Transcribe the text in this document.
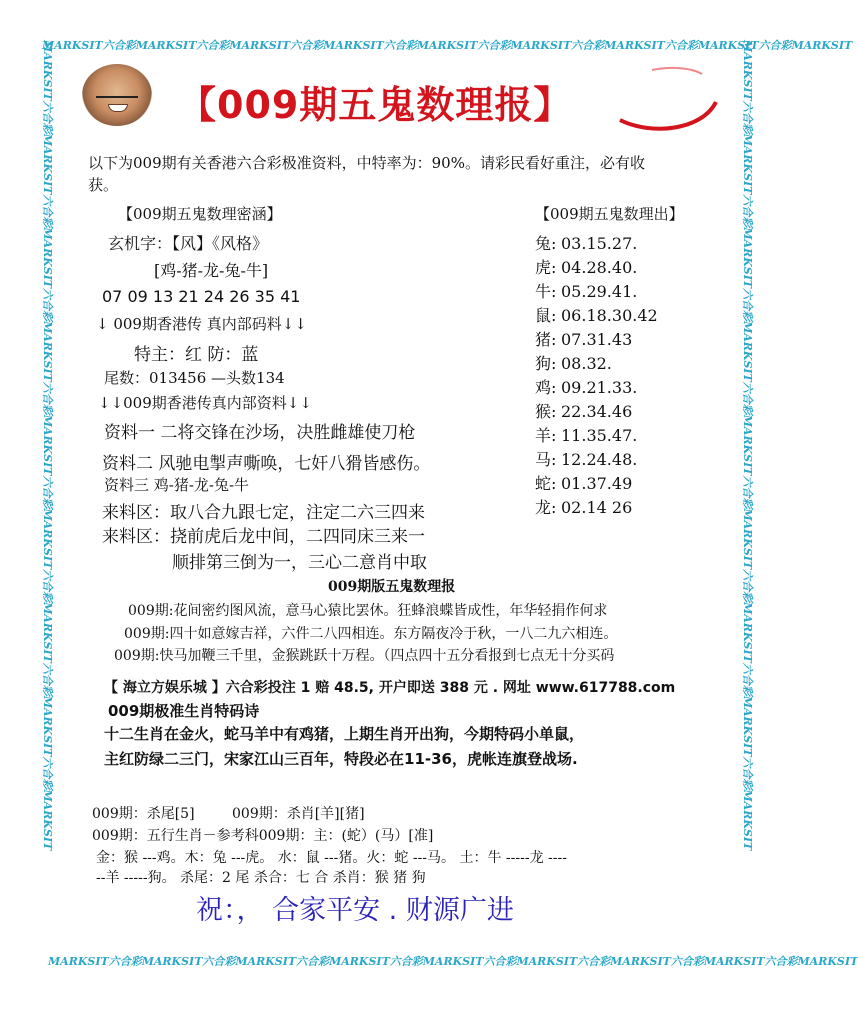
MARKSIT六合彩MARKSIT六合彩MARKSIT六合彩MARKSIT六合彩MARKSIT六合彩MARKSIT六合彩MARKSIT六合彩MARKSIT六合彩MARKSIT
MARKSIT六合彩MARKSIT六合彩MARKSIT六合彩MARKSIT六合彩MARKSIT六合彩MARKSIT六合彩MARKSIT六合彩MARKSIT六合彩MARKSIT
MARKSIT六合彩MARKSIT六合彩MARKSIT六合彩MARKSIT六合彩MARKSIT六合彩MARKSIT六合彩MARKSIT六合彩MARKSIT六合彩MARKSIT	MARKSIT六合彩MARKSIT六合彩MARKSIT六合彩MARKSIT六合彩MARKSIT六合彩MARKSIT六合彩MARKSIT六合彩MARKSIT六合彩MARKSIT
【009期五鬼数理报】
以下为009期有关香港六合彩极准资料，中特率为：90%。请彩民看好重注，必有收
获。
【009期五鬼数理密涵】
玄机字：【风】《风格》
[鸡-猪-龙-兔-牛]
07 09 13 21 24 26 35 41
↓ 009期香港传 真内部码料↓↓
特主：红 防：蓝
尾数：013456 —头数134
↓↓009期香港传真内部资料↓↓
资料一 二将交锋在沙场，决胜雌雄使刀枪
资料二 风驰电掣声嘶唤，七奸八猾皆感伤。
资料三 鸡-猪-龙-兔-牛
来料区：取八合九跟七定，注定二六三四来
来料区：挠前虎后龙中间，二四同床三来一
顺排第三倒为一，三心二意肖中取
【009期五鬼数理出】
兔: 03.15.27.
虎: 04.28.40.
牛: 05.29.41.
鼠: 06.18.30.42
猪: 07.31.43
狗: 08.32.
鸡: 09.21.33.
猴: 22.34.46
羊: 11.35.47.
马: 12.24.48.
蛇: 01.37.49
龙: 02.14 26
009期版五鬼数理报
009期:花间密约图风流，意马心猿比罢休。狂蜂浪蝶皆成性，年华轻捐作何求
009期:四十如意嫁吉祥，六件二八四相连。东方隔夜冷于秋，一八二九六相连。
009期:快马加鞭三千里，金猴跳跃十万程。（四点四十五分看报到七点无十分买码
【 海立方娱乐城 】六合彩投注 1 赔 48.5, 开户即送 388 元 . 网址 www.617788.com
009期极准生肖特码诗
十二生肖在金火，蛇马羊中有鸡猪，上期生肖开出狗，今期特码小单鼠，
主红防绿二三门，宋家江山三百年，特段必在11-36，虎帐连旗登战场.
009期：杀尾[5]	009期：杀肖[羊][猪]
009期：五行生肖－参考科009期：主：(蛇）(马）[准]
金：猴 ---鸡。木：兔 ---虎。 水：鼠 ---猪。火：蛇 ---马。 土：牛 -----龙 ----
--羊 -----狗。 杀尾：2 尾 杀合：七 合 杀肖：猴 猪 狗
祝：， 合家平安 . 财源广进
